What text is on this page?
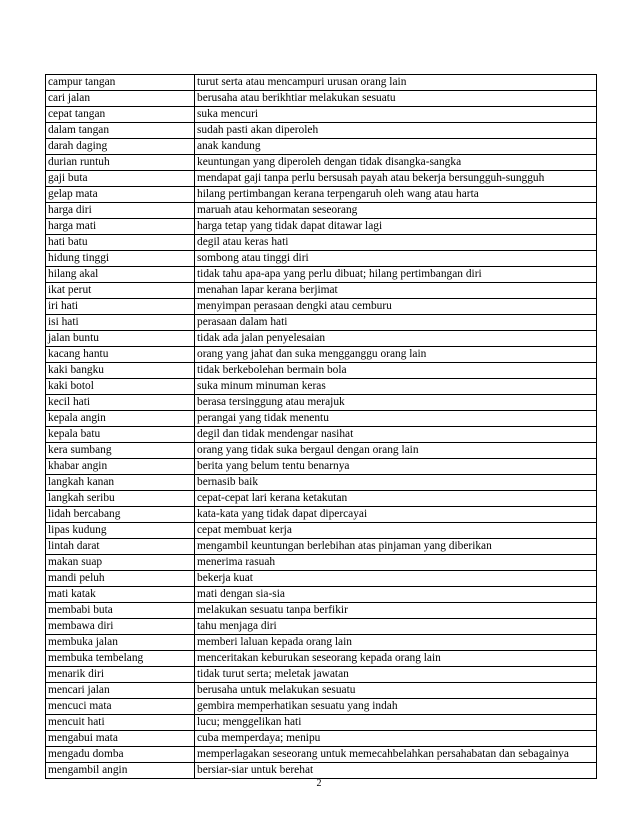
campur tangan	turut serta atau mencampuri urusan orang lain
cari jalan	berusaha atau berikhtiar melakukan sesuatu
cepat tangan	suka mencuri
dalam tangan	sudah pasti akan diperoleh
darah daging	anak kandung
durian runtuh	keuntungan yang diperoleh dengan tidak disangka-sangka
gaji buta	mendapat gaji tanpa perlu bersusah payah atau bekerja bersungguh-sungguh
gelap mata	hilang pertimbangan kerana terpengaruh oleh wang atau harta
harga diri	maruah atau kehormatan seseorang
harga mati	harga tetap yang tidak dapat ditawar lagi
hati batu	degil atau keras hati
hidung tinggi	sombong atau tinggi diri
hilang akal	tidak tahu apa-apa yang perlu dibuat; hilang pertimbangan diri
ikat perut	menahan lapar kerana berjimat
iri hati	menyimpan perasaan dengki atau cemburu
isi hati	perasaan dalam hati
jalan buntu	tidak ada jalan penyelesaian
kacang hantu	orang yang jahat dan suka mengganggu orang lain
kaki bangku	tidak berkebolehan bermain bola
kaki botol	suka minum minuman keras
kecil hati	berasa tersinggung atau merajuk
kepala angin	perangai yang tidak menentu
kepala batu	degil dan tidak mendengar nasihat
kera sumbang	orang yang tidak suka bergaul dengan orang lain
khabar angin	berita yang belum tentu benarnya
langkah kanan	bernasib baik
langkah seribu	cepat-cepat lari kerana ketakutan
lidah bercabang	kata-kata yang tidak dapat dipercayai
lipas kudung	cepat membuat kerja
lintah darat	mengambil keuntungan berlebihan atas pinjaman yang diberikan
makan suap	menerima rasuah
mandi peluh	bekerja kuat
mati katak	mati dengan sia-sia
membabi buta	melakukan sesuatu tanpa berfikir
membawa diri	tahu menjaga diri
membuka jalan	memberi laluan kepada orang lain
membuka tembelang	menceritakan keburukan seseorang kepada orang lain
menarik diri	tidak turut serta; meletak jawatan
mencari jalan	berusaha untuk melakukan sesuatu
mencuci mata	gembira memperhatikan sesuatu yang indah
mencuit hati	lucu; menggelikan hati
mengabui mata	cuba memperdaya; menipu
mengadu domba	memperlagakan seseorang untuk memecahbelahkan persahabatan dan sebagainya
mengambil angin	bersiar-siar untuk berehat
2
